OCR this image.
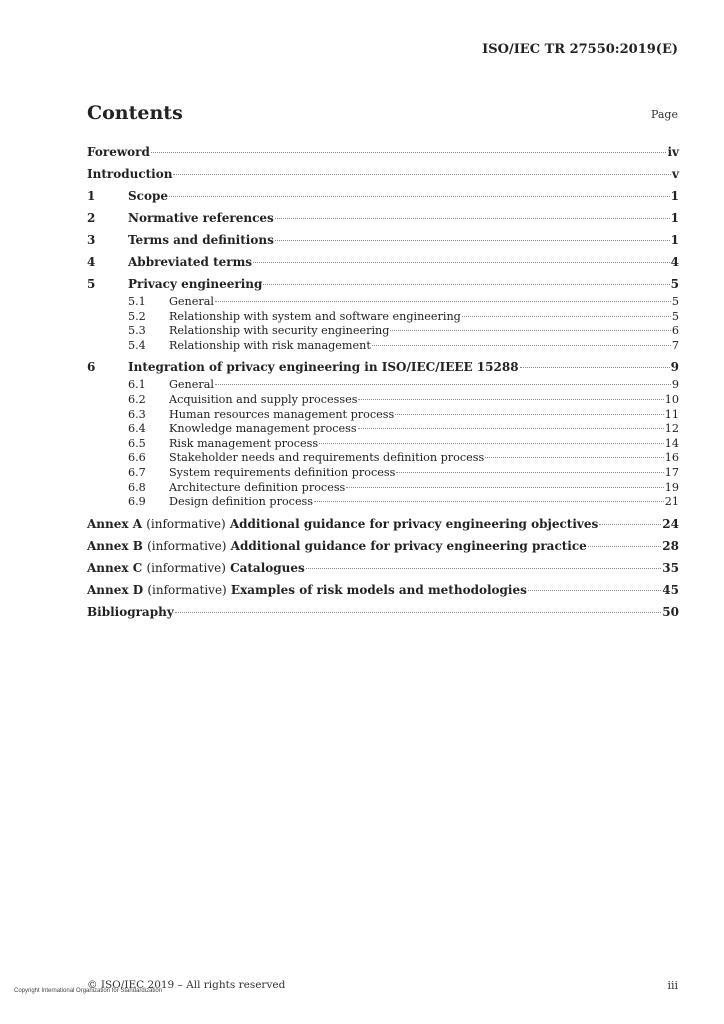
ISO/IEC TR 27550:2019(E)
Contents	Page
Foreword	iv
Introduction	v
1	Scope	1
2	Normative references	1
3	Terms and definitions	1
4	Abbreviated terms	4
5	Privacy engineering	5
5.1	General	5
5.2	Relationship with system and software engineering	5
5.3	Relationship with security engineering	6
5.4	Relationship with risk management	7
6	Integration of privacy engineering in ISO/IEC/IEEE 15288	9
6.1	General	9
6.2	Acquisition and supply processes	10
6.3	Human resources management process	11
6.4	Knowledge management process	12
6.5	Risk management process	14
6.6	Stakeholder needs and requirements definition process	16
6.7	System requirements definition process	17
6.8	Architecture definition process	19
6.9	Design definition process	21
Annex A (informative) Additional guidance for privacy engineering objectives	24
Annex B (informative) Additional guidance for privacy engineering practice	28
Annex C (informative) Catalogues	35
Annex D (informative) Examples of risk models and methodologies	45
Bibliography	50
© ISO/IEC 2019 – All rights reserved	iii
Copyright International Organization for Standardization
